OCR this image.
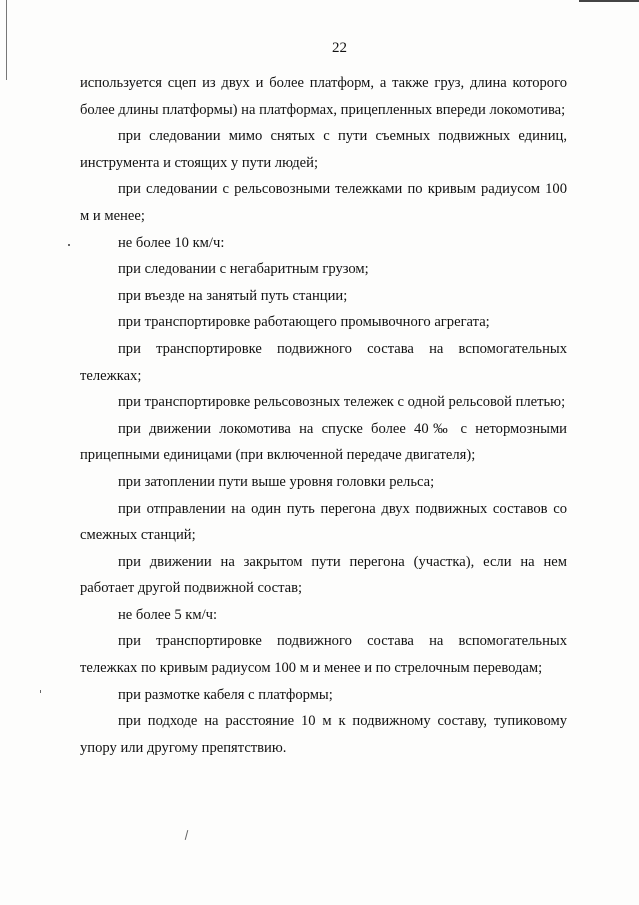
22

используется сцеп из двух и более платформ, а также груз, длина которого более длины платформы) на платформах, прицепленных впереди локомотива;

при следовании мимо снятых с пути съемных подвижных единиц, инструмента и стоящих у пути людей;

при следовании с рельсовозными тележками по кривым радиусом 100 м и менее;

не более 10 км/ч:

при следовании с негабаритным грузом;

при въезде на занятый путь станции;

при транспортировке работающего промывочного агрегата;

при транспортировке подвижного состава на вспомогательных тележках;

при транспортировке рельсовозных тележек с одной рельсовой плетью;

при движении локомотива на спуске более 40‰ с нетормозными прицепными единицами (при включенной передаче двигателя);

при затоплении пути выше уровня головки рельса;

при отправлении на один путь перегона двух подвижных составов со смежных станций;

при движении на закрытом пути перегона (участка), если на нем работает другой подвижной состав;

не более 5 км/ч:

при транспортировке подвижного состава на вспомогательных тележках по кривым радиусом 100 м и менее и по стрелочным переводам;

при размотке кабеля с платформы;

при подходе на расстояние 10 м к подвижному составу, тупиковому упору или другому препятствию.
